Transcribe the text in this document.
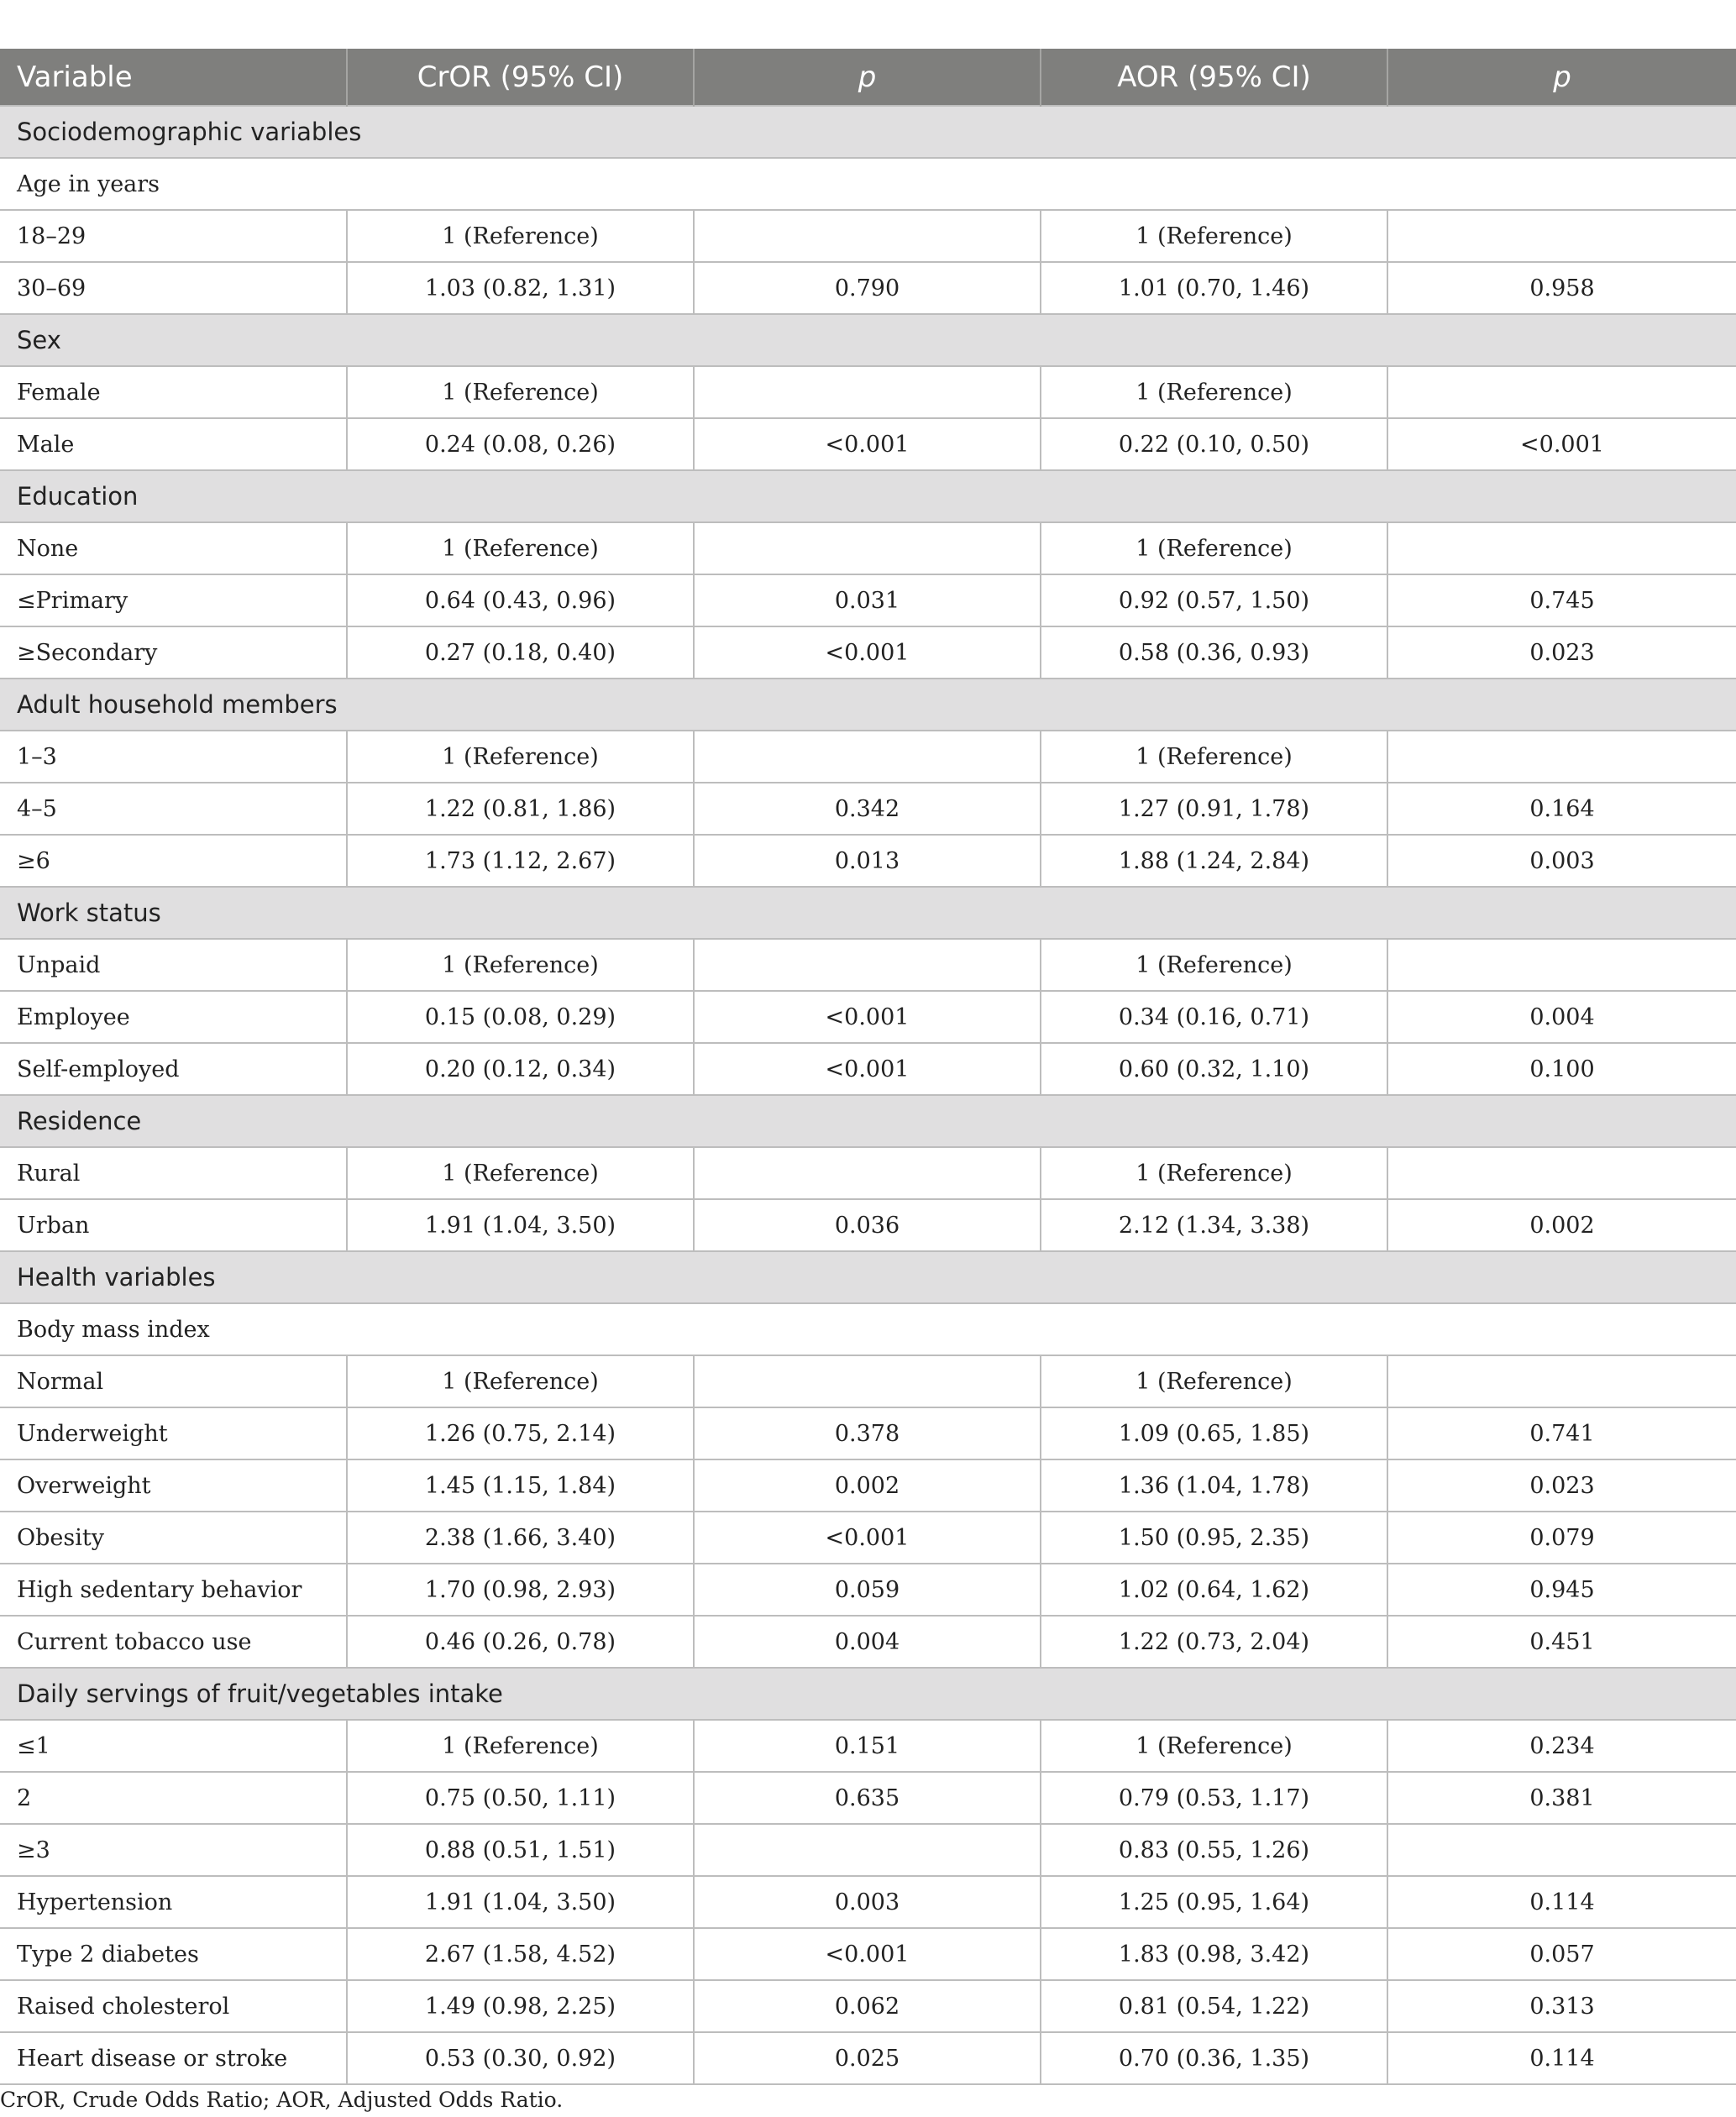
Variable	CrOR (95% CI)	p	AOR (95% CI)	p
Sociodemographic variables				
Age in years				
18–29	1 (Reference)		1 (Reference)	
30–69	1.03 (0.82, 1.31)	0.790	1.01 (0.70, 1.46)	0.958
Sex				
Female	1 (Reference)		1 (Reference)	
Male	0.24 (0.08, 0.26)	<0.001	0.22 (0.10, 0.50)	<0.001
Education				
None	1 (Reference)		1 (Reference)	
≤Primary	0.64 (0.43, 0.96)	0.031	0.92 (0.57, 1.50)	0.745
≥Secondary	0.27 (0.18, 0.40)	<0.001	0.58 (0.36, 0.93)	0.023
Adult household members				
1–3	1 (Reference)		1 (Reference)	
4–5	1.22 (0.81, 1.86)	0.342	1.27 (0.91, 1.78)	0.164
≥6	1.73 (1.12, 2.67)	0.013	1.88 (1.24, 2.84)	0.003
Work status				
Unpaid	1 (Reference)		1 (Reference)	
Employee	0.15 (0.08, 0.29)	<0.001	0.34 (0.16, 0.71)	0.004
Self-employed	0.20 (0.12, 0.34)	<0.001	0.60 (0.32, 1.10)	0.100
Residence				
Rural	1 (Reference)		1 (Reference)	
Urban	1.91 (1.04, 3.50)	0.036	2.12 (1.34, 3.38)	0.002
Health variables				
Body mass index				
Normal	1 (Reference)		1 (Reference)	
Underweight	1.26 (0.75, 2.14)	0.378	1.09 (0.65, 1.85)	0.741
Overweight	1.45 (1.15, 1.84)	0.002	1.36 (1.04, 1.78)	0.023
Obesity	2.38 (1.66, 3.40)	<0.001	1.50 (0.95, 2.35)	0.079
High sedentary behavior	1.70 (0.98, 2.93)	0.059	1.02 (0.64, 1.62)	0.945
Current tobacco use	0.46 (0.26, 0.78)	0.004	1.22 (0.73, 2.04)	0.451
Daily servings of fruit/vegetables intake				
≤1	1 (Reference)	0.151	1 (Reference)	0.234
2	0.75 (0.50, 1.11)	0.635	0.79 (0.53, 1.17)	0.381
≥3	0.88 (0.51, 1.51)		0.83 (0.55, 1.26)	
Hypertension	1.91 (1.04, 3.50)	0.003	1.25 (0.95, 1.64)	0.114
Type 2 diabetes	2.67 (1.58, 4.52)	<0.001	1.83 (0.98, 3.42)	0.057
Raised cholesterol	1.49 (0.98, 2.25)	0.062	0.81 (0.54, 1.22)	0.313
Heart disease or stroke	0.53 (0.30, 0.92)	0.025	0.70 (0.36, 1.35)	0.114
CrOR, Crude Odds Ratio; AOR, Adjusted Odds Ratio.
